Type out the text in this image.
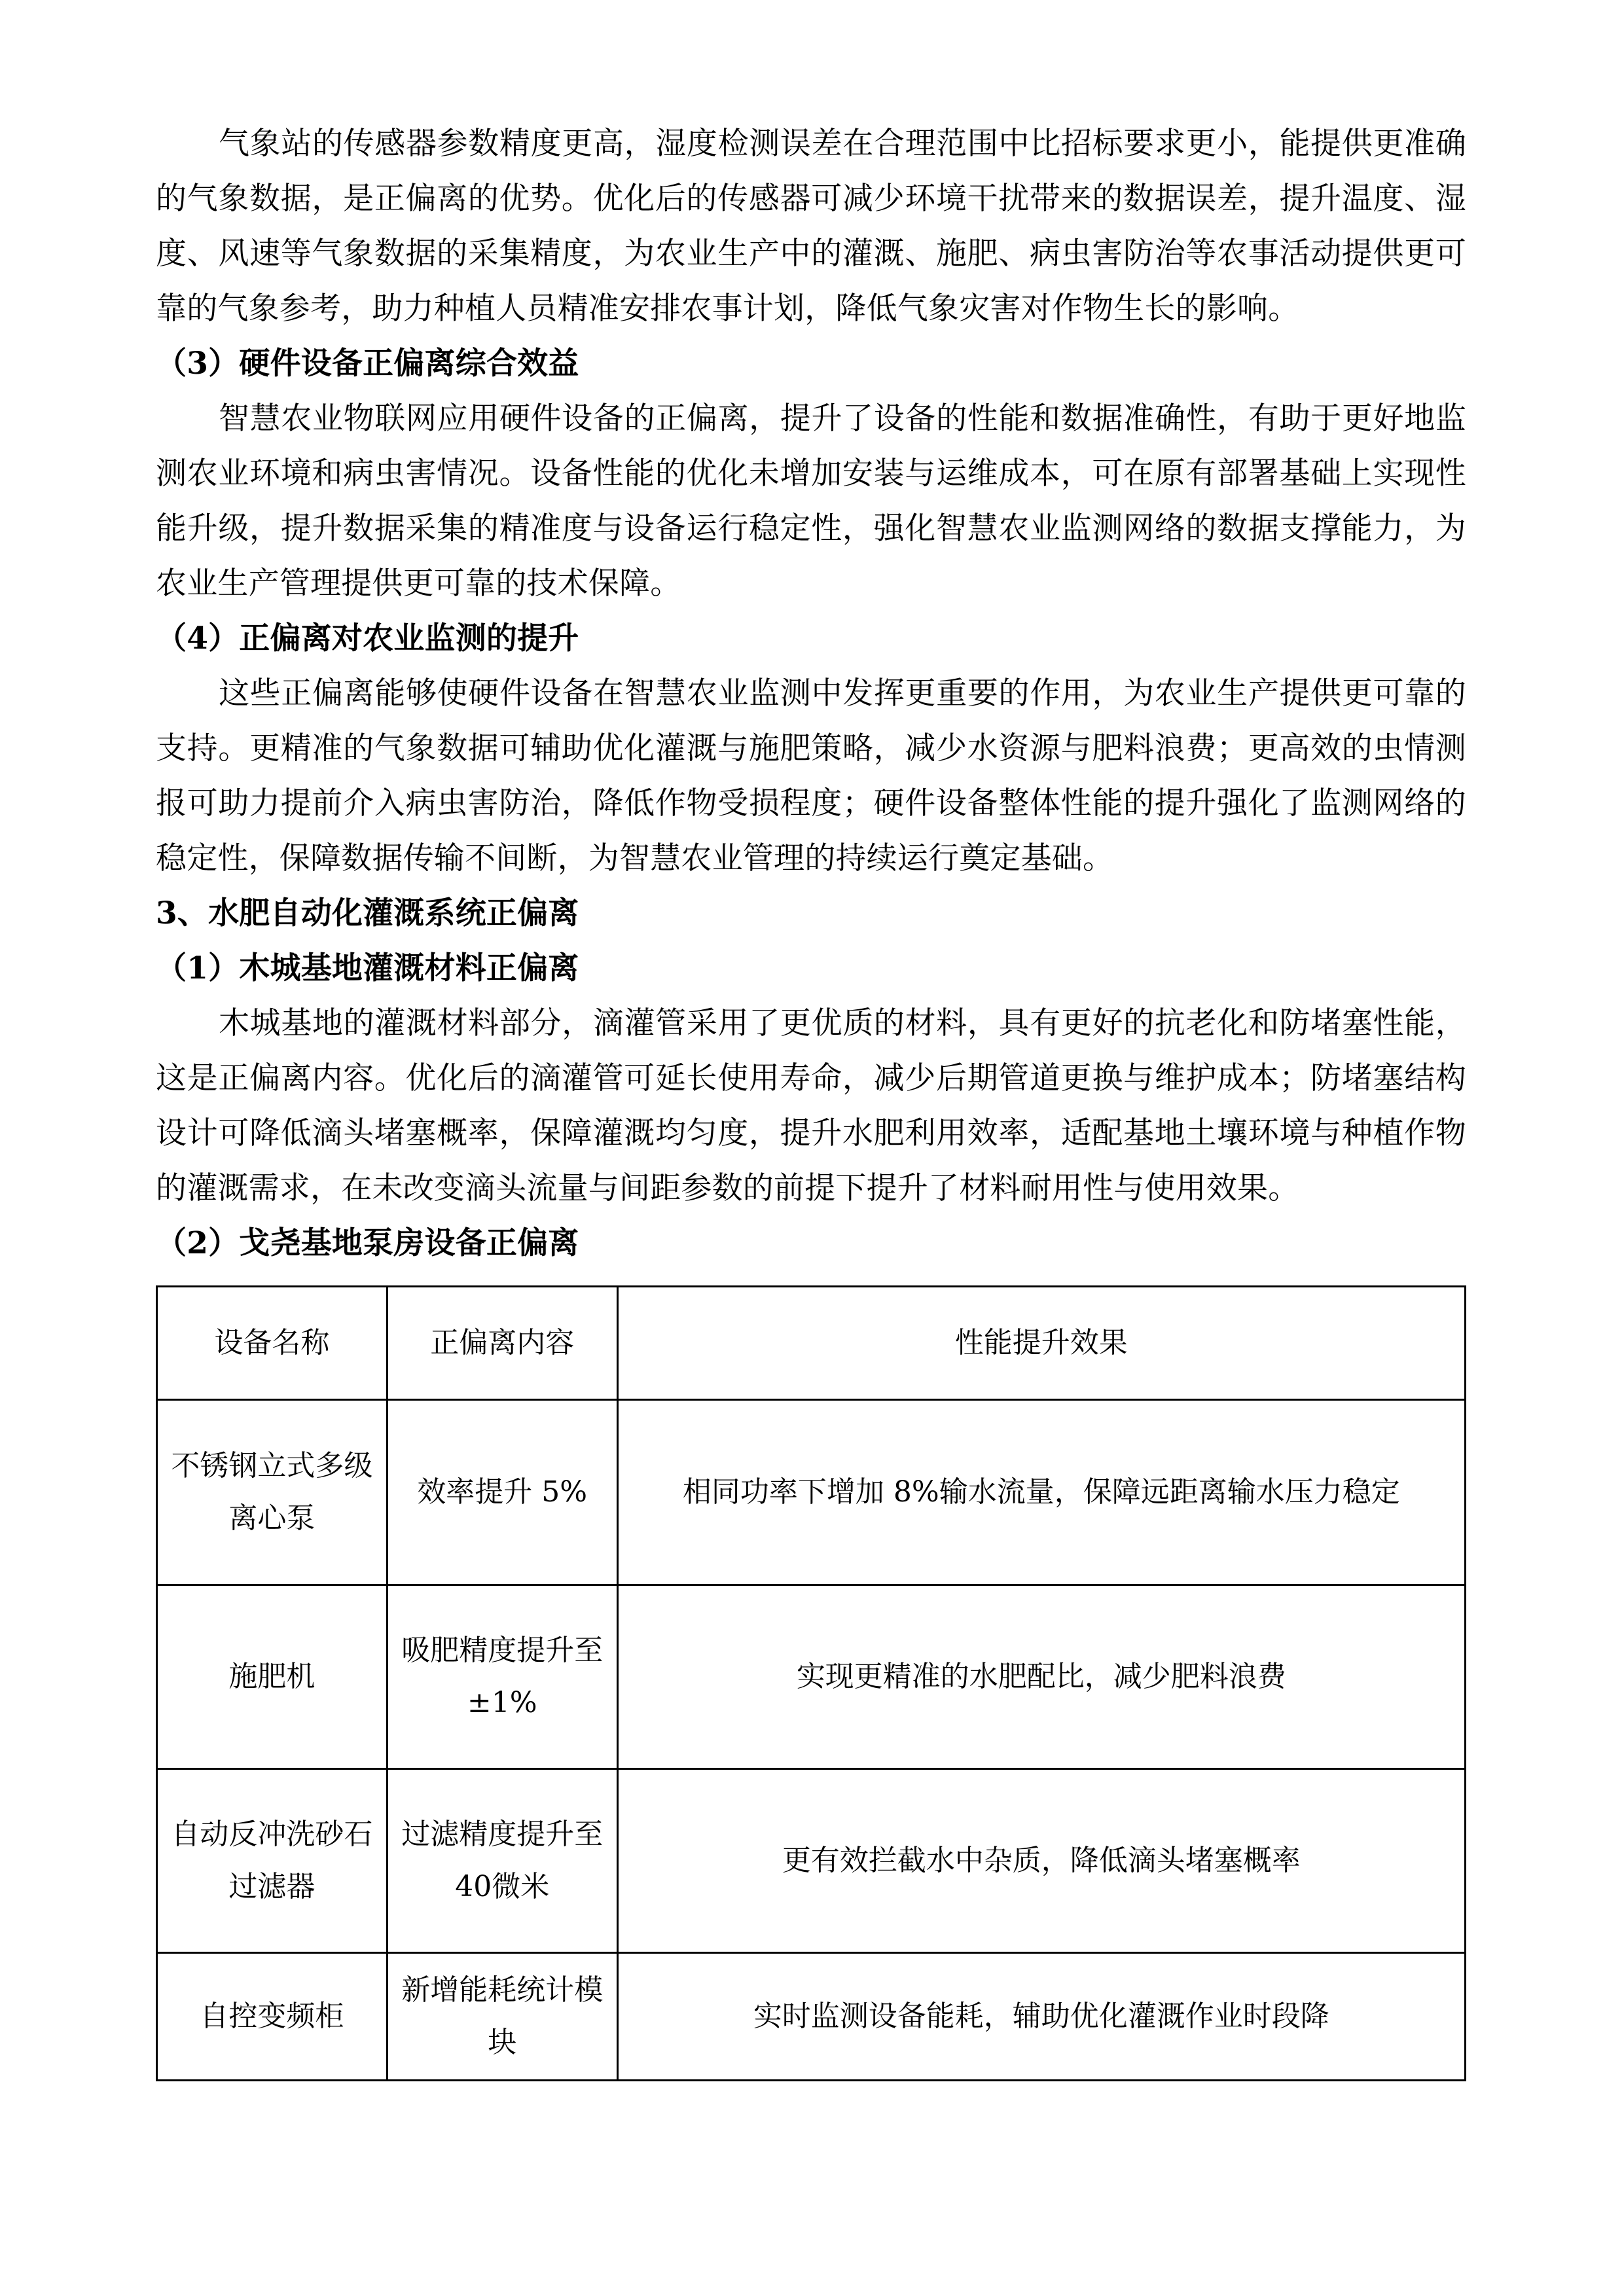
气象站的传感器参数精度更高，湿度检测误差在合理范围中比招标要求更小，能提供更准确的气象数据，是正偏离的优势。优化后的传感器可减少环境干扰带来的数据误差，提升温度、湿度、风速等气象数据的采集精度，为农业生产中的灌溉、施肥、病虫害防治等农事活动提供更可靠的气象参考，助力种植人员精准安排农事计划，降低气象灾害对作物生长的影响。

（3）硬件设备正偏离综合效益

智慧农业物联网应用硬件设备的正偏离，提升了设备的性能和数据准确性，有助于更好地监测农业环境和病虫害情况。设备性能的优化未增加安装与运维成本，可在原有部署基础上实现性能升级，提升数据采集的精准度与设备运行稳定性，强化智慧农业监测网络的数据支撑能力，为农业生产管理提供更可靠的技术保障。

（4）正偏离对农业监测的提升

这些正偏离能够使硬件设备在智慧农业监测中发挥更重要的作用，为农业生产提供更可靠的支持。更精准的气象数据可辅助优化灌溉与施肥策略，减少水资源与肥料浪费；更高效的虫情测报可助力提前介入病虫害防治，降低作物受损程度；硬件设备整体性能的提升强化了监测网络的稳定性，保障数据传输不间断，为智慧农业管理的持续运行奠定基础。

3、水肥自动化灌溉系统正偏离

（1）木城基地灌溉材料正偏离

木城基地的灌溉材料部分，滴灌管采用了更优质的材料，具有更好的抗老化和防堵塞性能，这是正偏离内容。优化后的滴灌管可延长使用寿命，减少后期管道更换与维护成本；防堵塞结构设计可降低滴头堵塞概率，保障灌溉均匀度，提升水肥利用效率，适配基地土壤环境与种植作物的灌溉需求，在未改变滴头流量与间距参数的前提下提升了材料耐用性与使用效果。

（2）戈尧基地泵房设备正偏离

设备名称	正偏离内容	性能提升效果
不锈钢立式多级离心泵	效率提升 5%	相同功率下增加 8%输水流量，保障远距离输水压力稳定
施肥机	吸肥精度提升至±1%	实现更精准的水肥配比，减少肥料浪费
自动反冲洗砂石过滤器	过滤精度提升至 40微米	更有效拦截水中杂质，降低滴头堵塞概率
自控变频柜	新增能耗统计模块	实时监测设备能耗，辅助优化灌溉作业时段降
